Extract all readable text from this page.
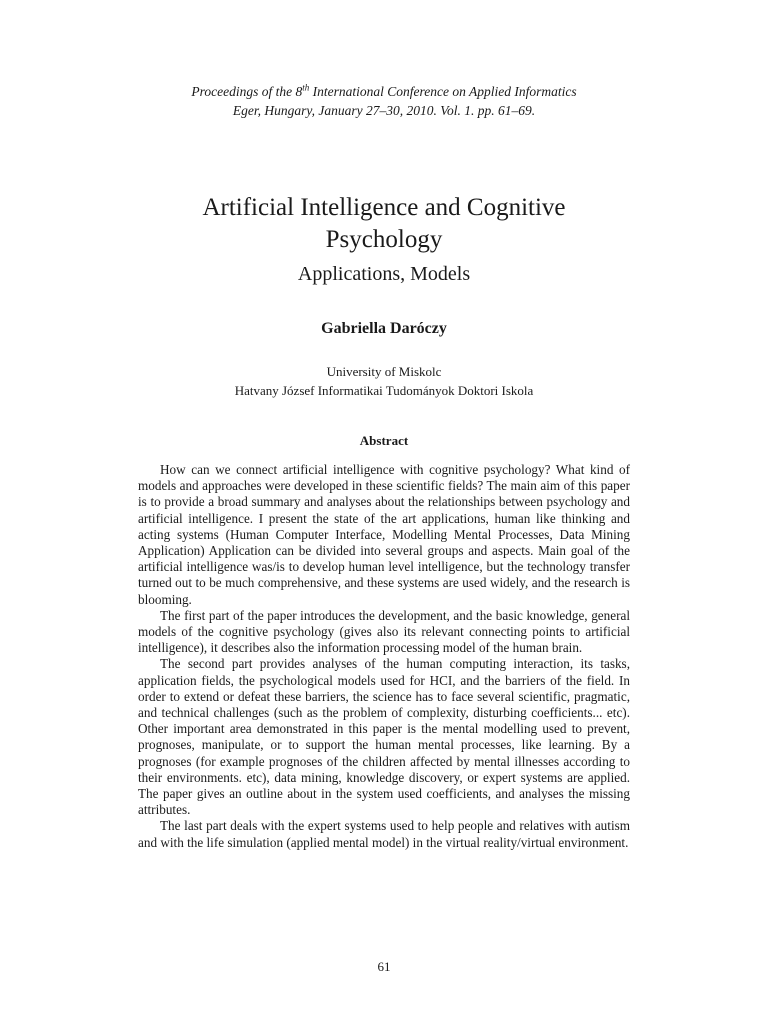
Proceedings of the 8th International Conference on Applied Informatics
Eger, Hungary, January 27–30, 2010. Vol. 1. pp. 61–69.
Artificial Intelligence and Cognitive
Psychology
Applications, Models
Gabriella Daróczy
University of Miskolc
Hatvany József Informatikai Tudományok Doktori Iskola
Abstract

How can we connect artificial intelligence with cognitive psychology? What kind of models and approaches were developed in these scientific fields? The main aim of this paper is to provide a broad summary and analyses about the relationships between psychology and artificial intelligence. I present the state of the art applications, human like thinking and acting systems (Human Computer Interface, Modelling Mental Processes, Data Mining Application) Application can be divided into several groups and aspects. Main goal of the artificial intelligence was/is to develop human level intelligence, but the technology transfer turned out to be much comprehensive, and these systems are used widely, and the research is blooming.

The first part of the paper introduces the development, and the basic knowledge, general models of the cognitive psychology (gives also its relevant connecting points to artificial intelligence), it describes also the information processing model of the human brain.

The second part provides analyses of the human computing interaction, its tasks, application fields, the psychological models used for HCI, and the barriers of the field. In order to extend or defeat these barriers, the science has to face several scientific, pragmatic, and technical challenges (such as the problem of complexity, disturbing coefficients... etc). Other important area demonstrated in this paper is the mental modelling used to prevent, prognoses, manipulate, or to support the human mental processes, like learning. By a prognoses (for example prognoses of the children affected by mental illnesses according to their environments. etc), data mining, knowledge discovery, or expert systems are applied. The paper gives an outline about in the system used coefficients, and analyses the missing attributes.

The last part deals with the expert systems used to help people and relatives with autism and with the life simulation (applied mental model) in the virtual reality/virtual environment.

61
